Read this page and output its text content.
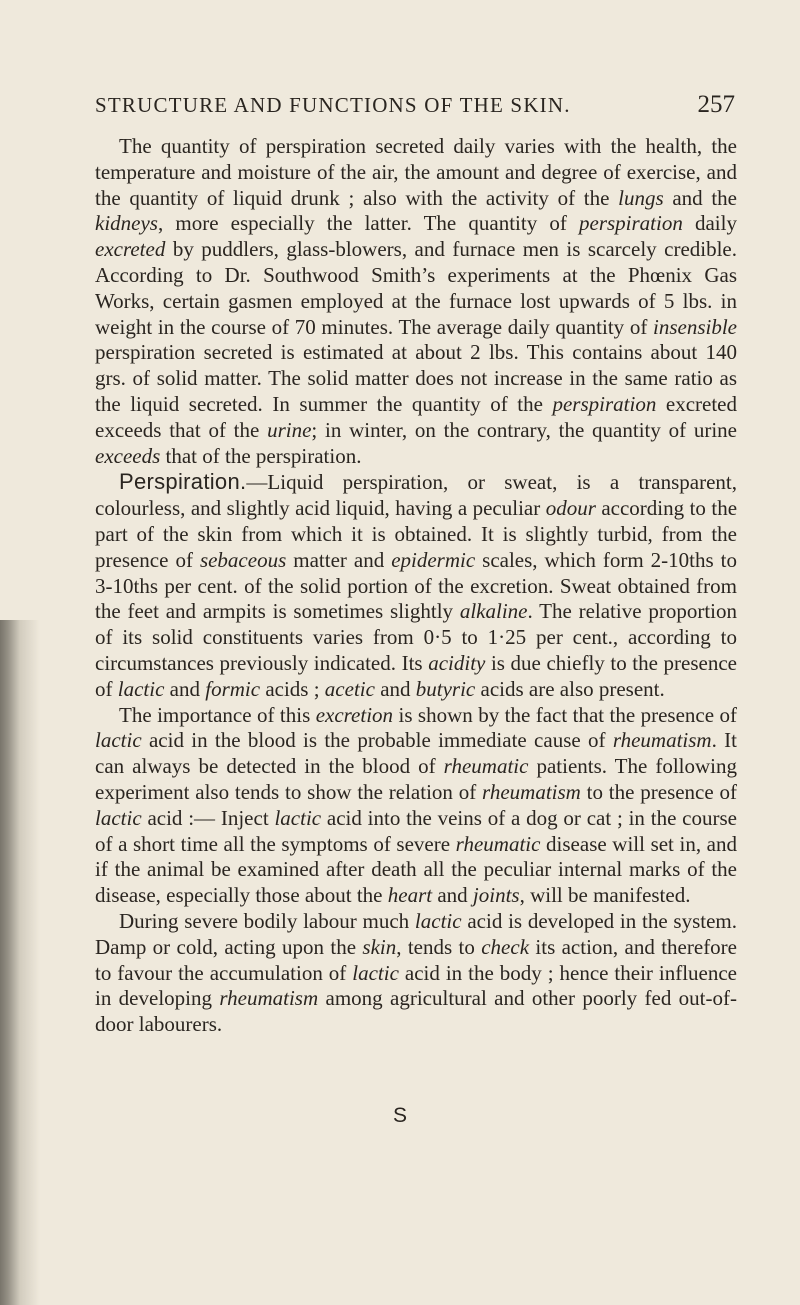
STRUCTURE AND FUNCTIONS OF THE SKIN.	257

The quantity of perspiration secreted daily varies with the health, the temperature and moisture of the air, the amount and degree of exercise, and the quantity of liquid drunk ; also with the activity of the lungs and the kidneys, more especially the latter. The quantity of perspiration daily excreted by puddlers, glass-blowers, and furnace men is scarcely credible. According to Dr. Southwood Smith’s experiments at the Phœnix Gas Works, certain gasmen employed at the furnace lost upwards of 5 lbs. in weight in the course of 70 minutes. The average daily quantity of insensible perspiration secreted is estimated at about 2 lbs. This contains about 140 grs. of solid matter. The solid matter does not increase in the same ratio as the liquid secreted. In summer the quantity of the perspiration excreted exceeds that of the urine; in winter, on the contrary, the quantity of urine exceeds that of the perspiration.

Perspiration.—Liquid perspiration, or sweat, is a transparent, colourless, and slightly acid liquid, having a peculiar odour according to the part of the skin from which it is obtained. It is slightly turbid, from the presence of sebaceous matter and epidermic scales, which form 2-10ths to 3-10ths per cent. of the solid portion of the excretion. Sweat obtained from the feet and armpits is sometimes slightly alkaline. The relative proportion of its solid constituents varies from 0·5 to 1·25 per cent., according to circumstances previously indicated. Its acidity is due chiefly to the presence of lactic and formic acids ; acetic and butyric acids are also present.

The importance of this excretion is shown by the fact that the presence of lactic acid in the blood is the probable immediate cause of rheumatism. It can always be detected in the blood of rheumatic patients. The following experiment also tends to show the relation of rheumatism to the presence of lactic acid :— Inject lactic acid into the veins of a dog or cat ; in the course of a short time all the symptoms of severe rheumatic disease will set in, and if the animal be examined after death all the peculiar internal marks of the disease, especially those about the heart and joints, will be manifested.

During severe bodily labour much lactic acid is developed in the system. Damp or cold, acting upon the skin, tends to check its action, and therefore to favour the accumulation of lactic acid in the body ; hence their influence in developing rheumatism among agricultural and other poorly fed out-of-door labourers.

S
